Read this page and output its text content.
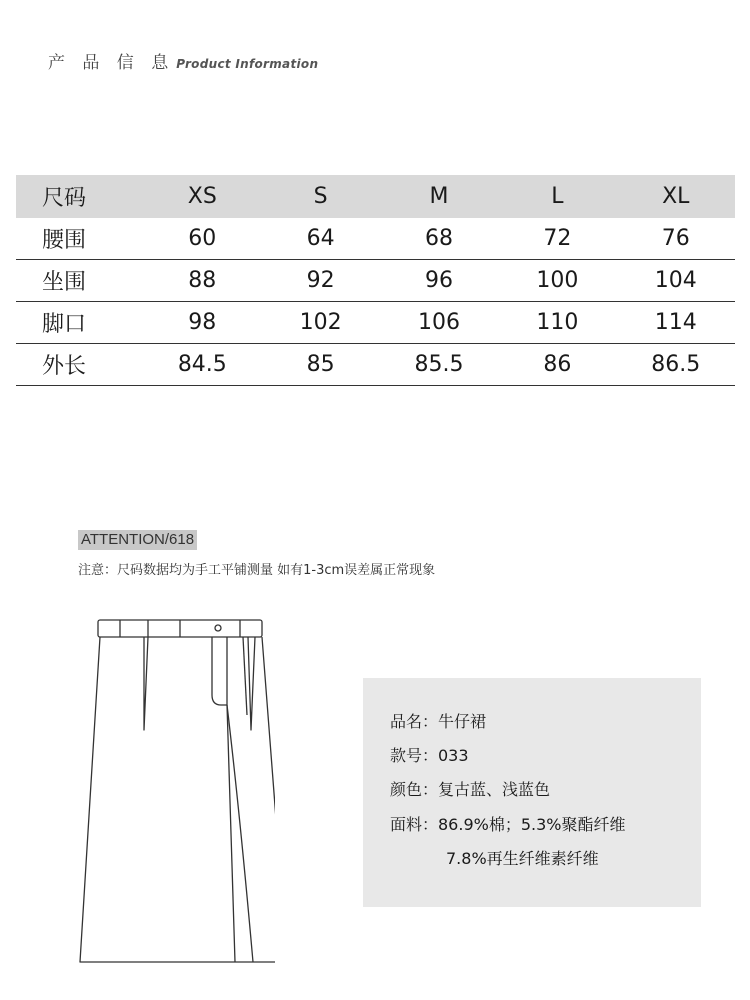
产 品 信 息 Product Information
尺码	XS	S	M	L	XL
腰围	60	64	68	72	76
坐围	88	92	96	100	104
脚口	98	102	106	110	114
外长	84.5	85	85.5	86	86.5
ATTENTION/618
注意：尺码数据均为手工平铺测量 如有1-3cm误差属正常现象
品名：牛仔裙
款号：033
颜色：复古蓝、浅蓝色
面料：86.9%棉；5.3%聚酯纤维
7.8%再生纤维素纤维
